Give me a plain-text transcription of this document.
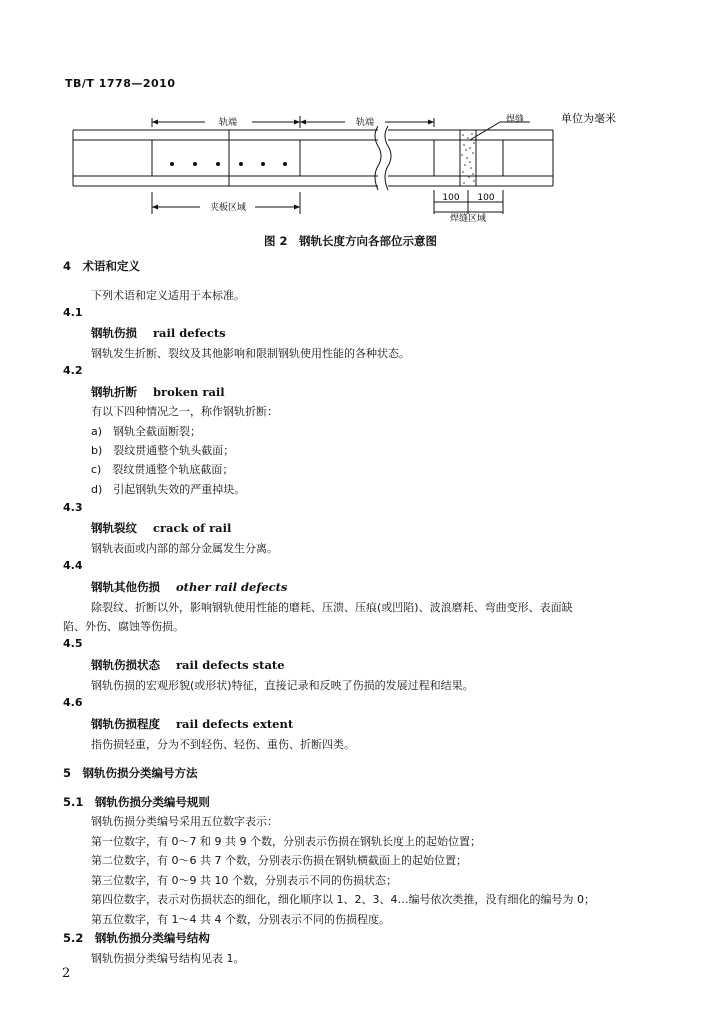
TB/T 1778—2010
轨端	轨端	焊缝	单位为毫米
夹板区域
100 100
焊缝区域
图 2　钢轨长度方向各部位示意图
4　术语和定义
下列术语和定义适用于本标准。
4.1
钢轨伤损 rail defects
钢轨发生折断、裂纹及其他影响和限制钢轨使用性能的各种状态。
4.2
钢轨折断 broken rail
有以下四种情况之一，称作钢轨折断：
a)　钢轨全截面断裂；
b)　裂纹贯通整个轨头截面；
c)　裂纹贯通整个轨底截面；
d)　引起钢轨失效的严重掉块。
4.3
钢轨裂纹 crack of rail
钢轨表面或内部的部分金属发生分离。
4.4
钢轨其他伤损 other rail defects
除裂纹、折断以外，影响钢轨使用性能的磨耗、压溃、压痕(或凹陷)、波浪磨耗、弯曲变形、表面缺
陷、外伤、腐蚀等伤损。
4.5
钢轨伤损状态 rail defects state
钢轨伤损的宏观形貌(或形状)特征，直接记录和反映了伤损的发展过程和结果。
4.6
钢轨伤损程度 rail defects extent
指伤损轻重，分为不到轻伤、轻伤、重伤、折断四类。
5　钢轨伤损分类编号方法
5.1　钢轨伤损分类编号规则
钢轨伤损分类编号采用五位数字表示：
第一位数字，有 0～7 和 9 共 9 个数，分别表示伤损在钢轨长度上的起始位置；
第二位数字，有 0～6 共 7 个数，分别表示伤损在钢轨横截面上的起始位置；
第三位数字，有 0～9 共 10 个数，分别表示不同的伤损状态；
第四位数字，表示对伤损状态的细化，细化顺序以 1、2、3、4…编号依次类推，没有细化的编号为 0；
第五位数字，有 1～4 共 4 个数，分别表示不同的伤损程度。
5.2　钢轨伤损分类编号结构
钢轨伤损分类编号结构见表 1。
2
